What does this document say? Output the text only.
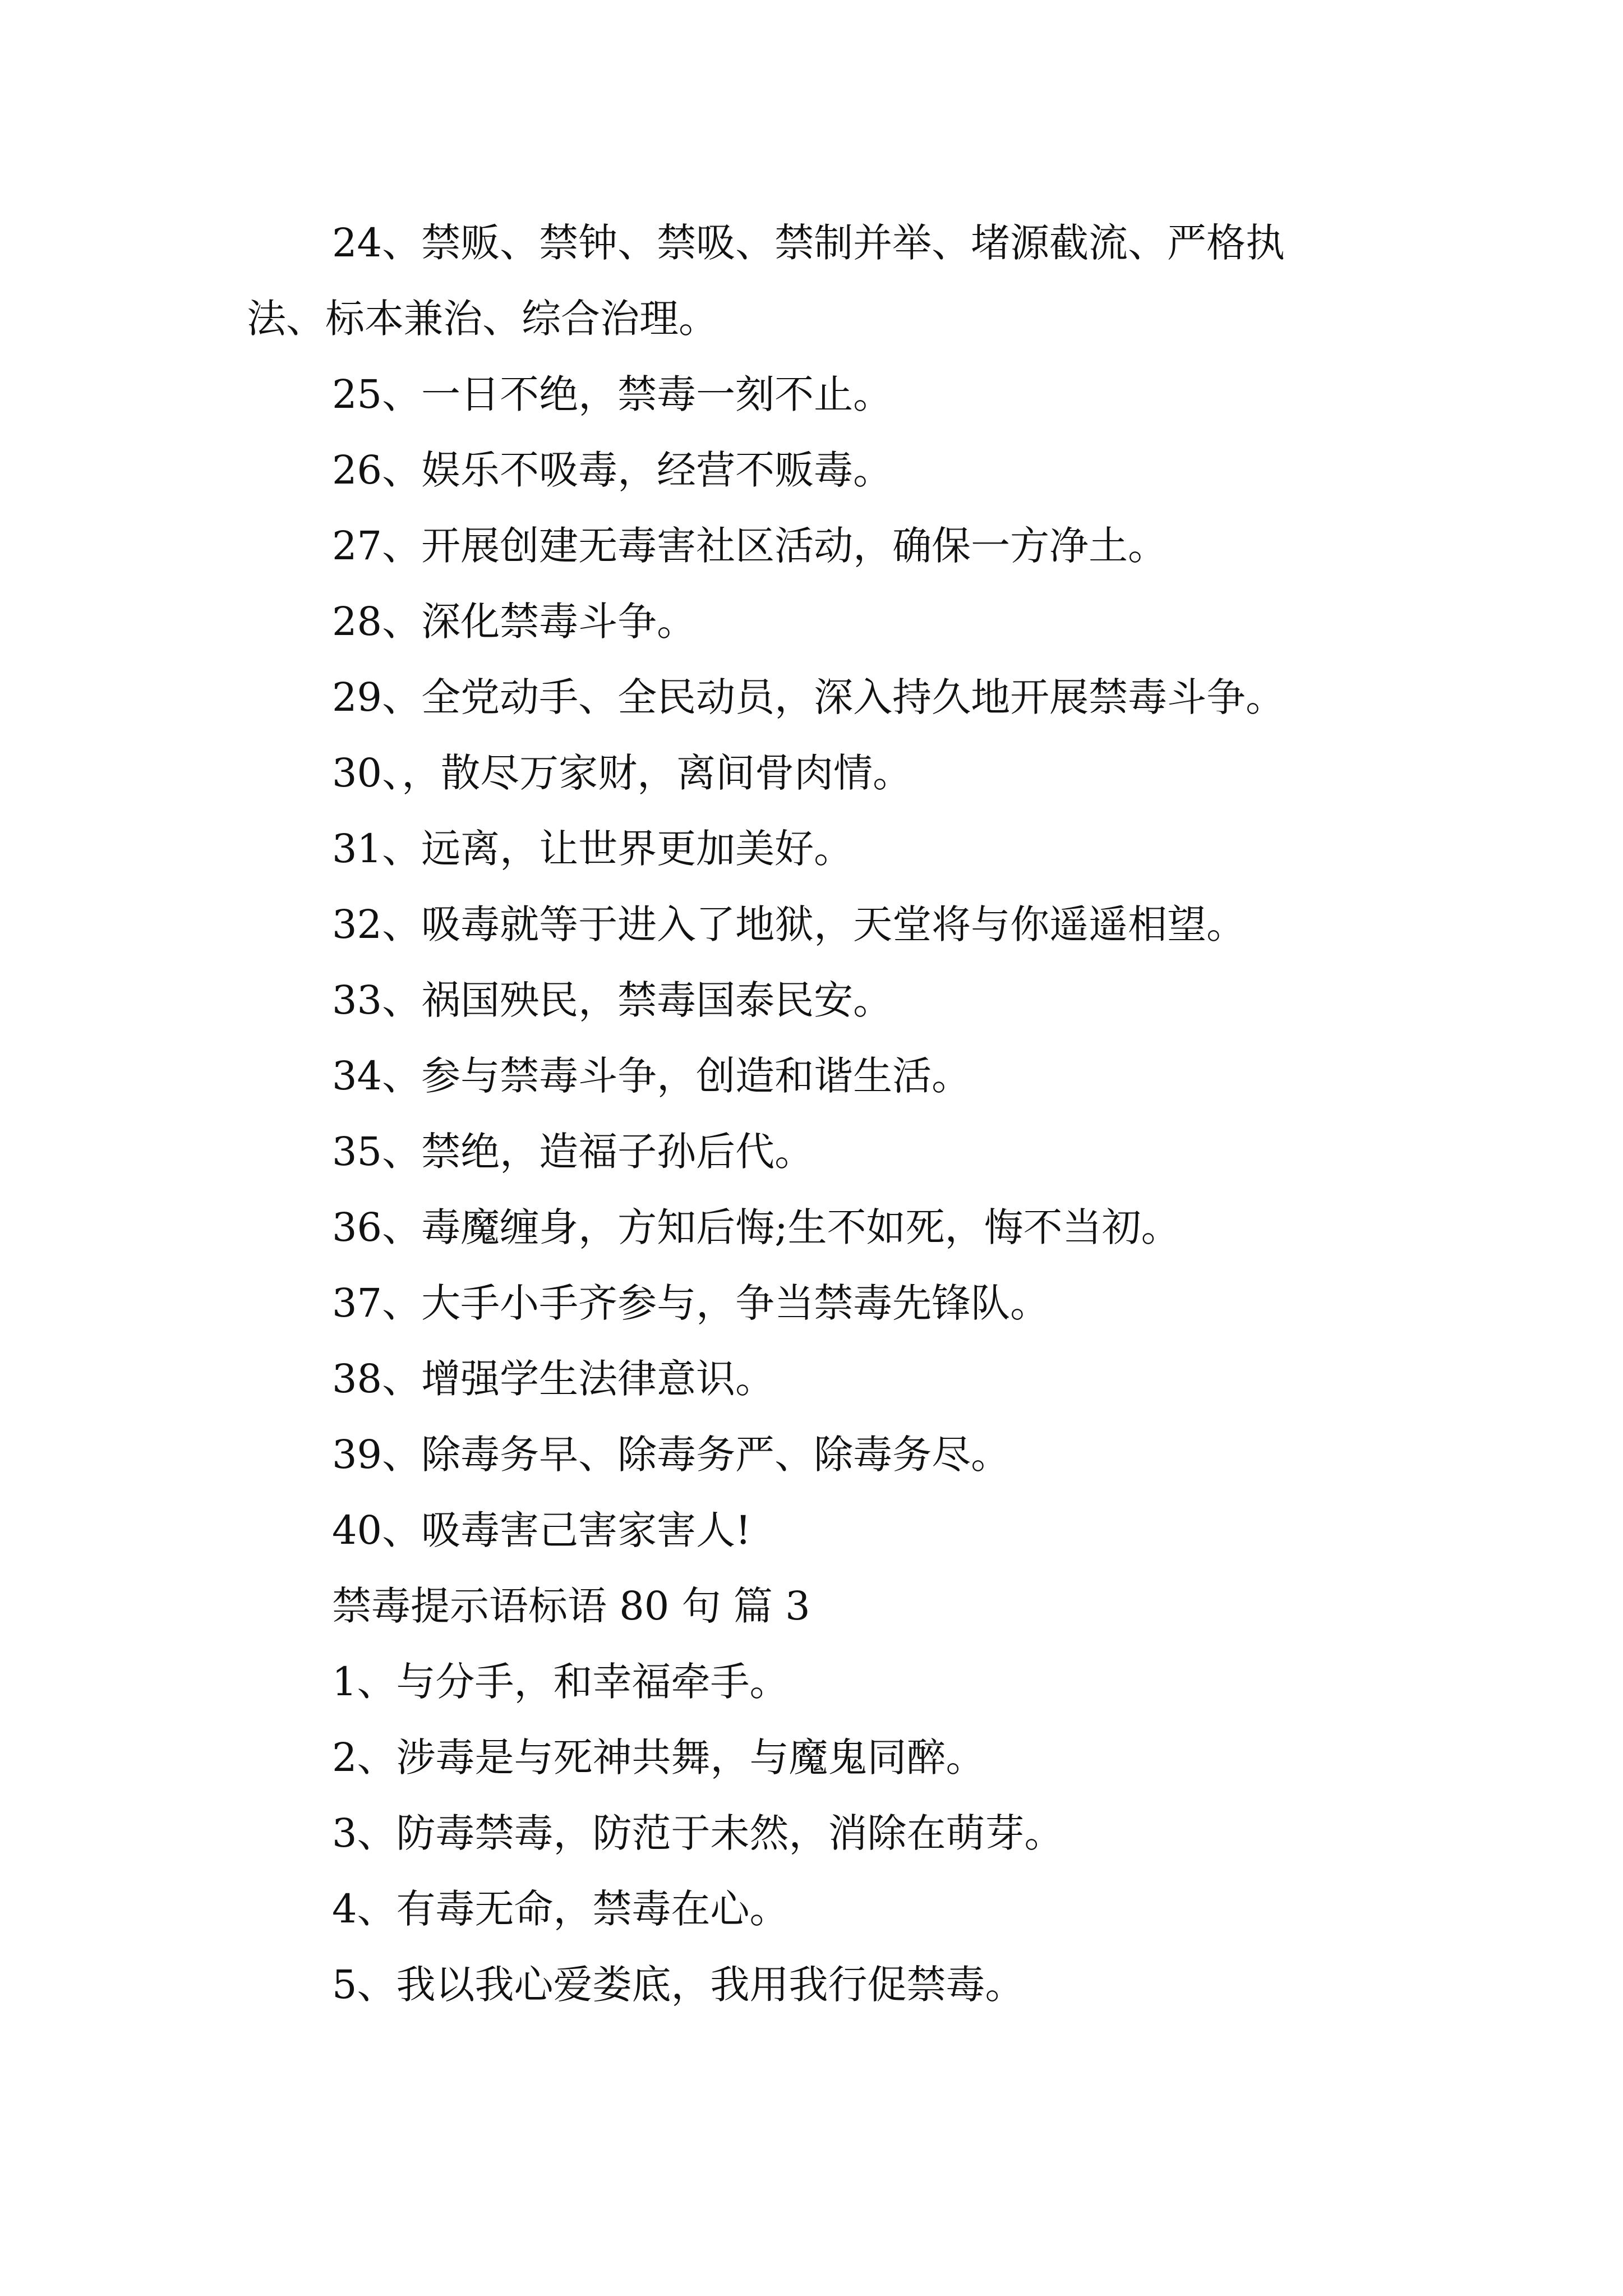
24、禁贩、禁钟、禁吸、禁制并举、堵源截流、严格执
法、标本兼治、综合治理。
25、一日不绝，禁毒一刻不止。
26、娱乐不吸毒，经营不贩毒。
27、开展创建无毒害社区活动，确保一方净土。
28、深化禁毒斗争。
29、全党动手、全民动员，深入持久地开展禁毒斗争。
30、，散尽万家财，离间骨肉情。
31、远离，让世界更加美好。
32、吸毒就等于进入了地狱，天堂将与你遥遥相望。
33、祸国殃民，禁毒国泰民安。
34、参与禁毒斗争，创造和谐生活。
35、禁绝，造福子孙后代。
36、毒魔缠身，方知后悔;生不如死，悔不当初。
37、大手小手齐参与，争当禁毒先锋队。
38、增强学生法律意识。
39、除毒务早、除毒务严、除毒务尽。
40、吸毒害己害家害人!
禁毒提示语标语 80 句 篇 3
1、与分手，和幸福牵手。
2、涉毒是与死神共舞，与魔鬼同醉。
3、防毒禁毒，防范于未然，消除在萌芽。
4、有毒无命，禁毒在心。
5、我以我心爱娄底，我用我行促禁毒。
